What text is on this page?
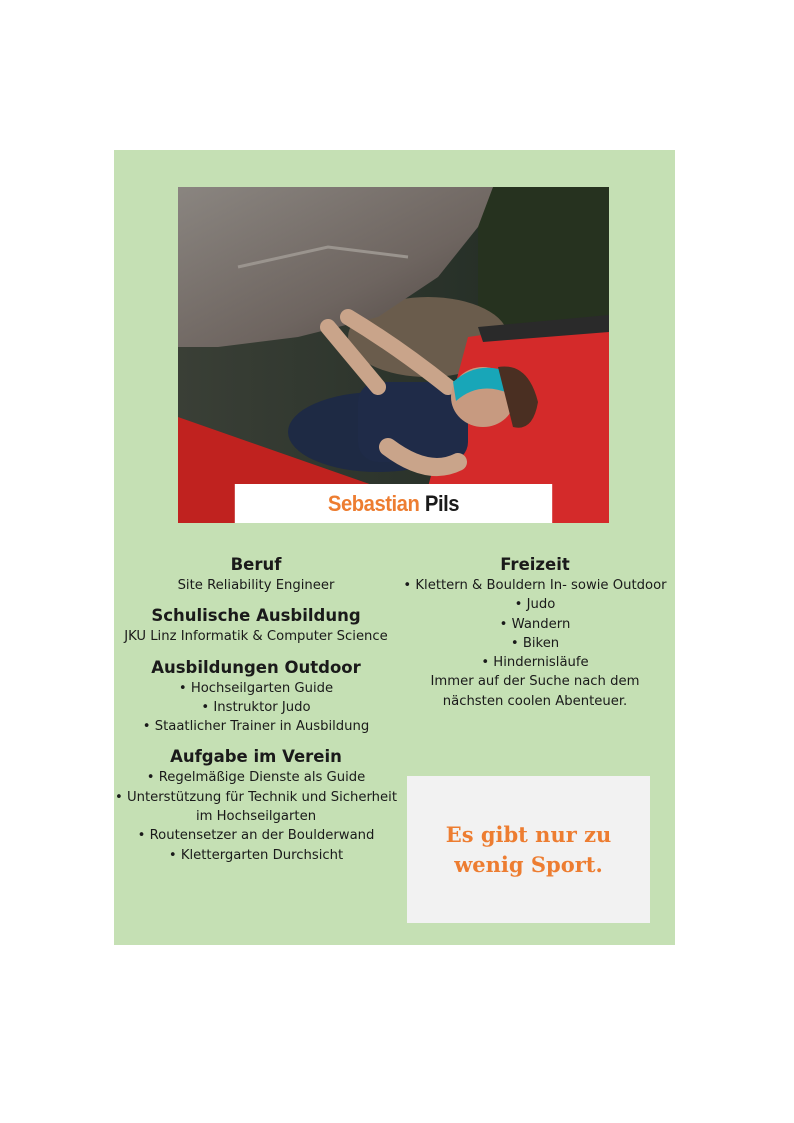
Sebastian Pils
Beruf

Site Reliability Engineer

Schulische Ausbildung

JKU Linz Informatik & Computer Science

Ausbildungen Outdoor
• Hochseilgarten Guide
• Instruktor Judo
• Staatlicher Trainer in Ausbildung
Aufgabe im Verein
• Regelmäßige Dienste als Guide
• Unterstützung für Technik und Sicherheit im Hochseilgarten
• Routensetzer an der Boulderwand
• Klettergarten Durchsicht
Freizeit
• Klettern & Bouldern In- sowie Outdoor
• Judo
• Wandern
• Biken
• Hindernisläufe

Immer auf der Suche nach dem nächsten coolen Abenteuer.

Es gibt nur zu wenig Sport.
